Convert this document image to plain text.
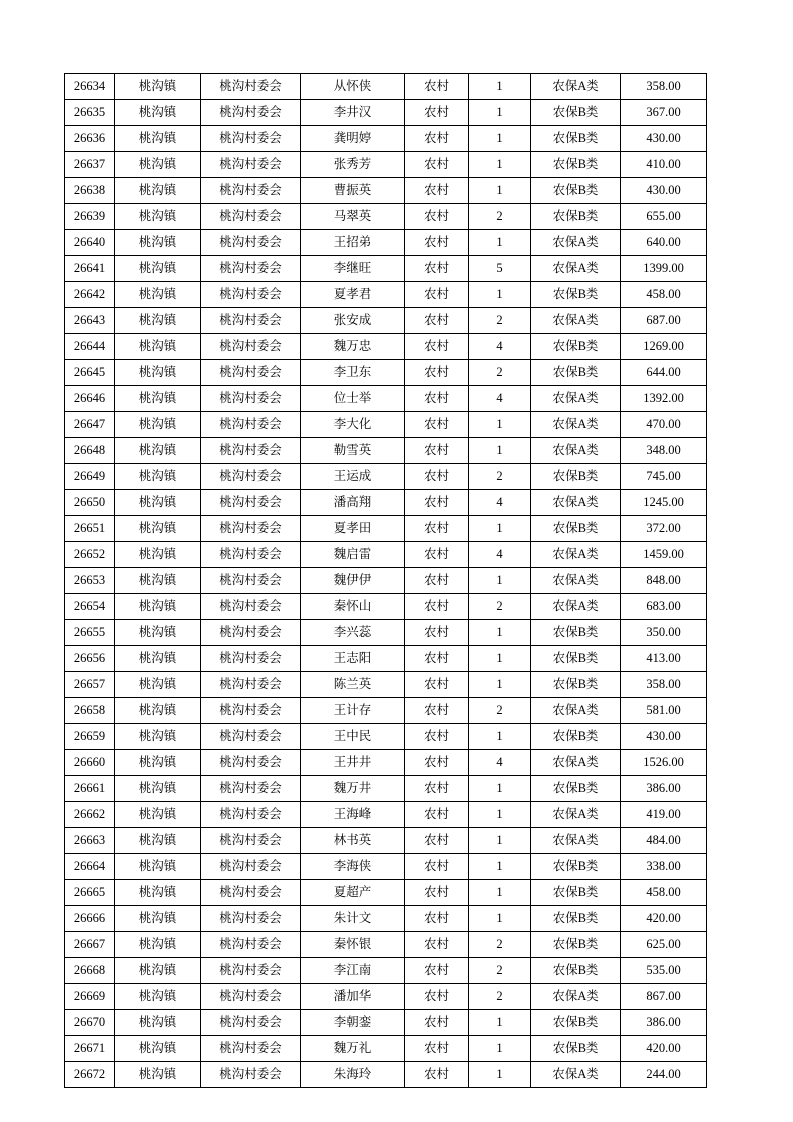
26634	桃沟镇	桃沟村委会	从怀侠	农村	1	农保A类	358.00
26635	桃沟镇	桃沟村委会	李井汉	农村	1	农保B类	367.00
26636	桃沟镇	桃沟村委会	龚明婷	农村	1	农保B类	430.00
26637	桃沟镇	桃沟村委会	张秀芳	农村	1	农保B类	410.00
26638	桃沟镇	桃沟村委会	曹振英	农村	1	农保B类	430.00
26639	桃沟镇	桃沟村委会	马翠英	农村	2	农保B类	655.00
26640	桃沟镇	桃沟村委会	王招弟	农村	1	农保A类	640.00
26641	桃沟镇	桃沟村委会	李继旺	农村	5	农保A类	1399.00
26642	桃沟镇	桃沟村委会	夏孝君	农村	1	农保B类	458.00
26643	桃沟镇	桃沟村委会	张安成	农村	2	农保A类	687.00
26644	桃沟镇	桃沟村委会	魏万忠	农村	4	农保B类	1269.00
26645	桃沟镇	桃沟村委会	李卫东	农村	2	农保B类	644.00
26646	桃沟镇	桃沟村委会	位士举	农村	4	农保A类	1392.00
26647	桃沟镇	桃沟村委会	李大化	农村	1	农保A类	470.00
26648	桃沟镇	桃沟村委会	勒雪英	农村	1	农保A类	348.00
26649	桃沟镇	桃沟村委会	王运成	农村	2	农保B类	745.00
26650	桃沟镇	桃沟村委会	潘高翔	农村	4	农保A类	1245.00
26651	桃沟镇	桃沟村委会	夏孝田	农村	1	农保B类	372.00
26652	桃沟镇	桃沟村委会	魏启雷	农村	4	农保A类	1459.00
26653	桃沟镇	桃沟村委会	魏伊伊	农村	1	农保A类	848.00
26654	桃沟镇	桃沟村委会	秦怀山	农村	2	农保A类	683.00
26655	桃沟镇	桃沟村委会	李兴蕊	农村	1	农保B类	350.00
26656	桃沟镇	桃沟村委会	王志阳	农村	1	农保B类	413.00
26657	桃沟镇	桃沟村委会	陈兰英	农村	1	农保B类	358.00
26658	桃沟镇	桃沟村委会	王计存	农村	2	农保A类	581.00
26659	桃沟镇	桃沟村委会	王中民	农村	1	农保B类	430.00
26660	桃沟镇	桃沟村委会	王井井	农村	4	农保A类	1526.00
26661	桃沟镇	桃沟村委会	魏万井	农村	1	农保B类	386.00
26662	桃沟镇	桃沟村委会	王海峰	农村	1	农保A类	419.00
26663	桃沟镇	桃沟村委会	林书英	农村	1	农保A类	484.00
26664	桃沟镇	桃沟村委会	李海侠	农村	1	农保B类	338.00
26665	桃沟镇	桃沟村委会	夏超产	农村	1	农保B类	458.00
26666	桃沟镇	桃沟村委会	朱计文	农村	1	农保B类	420.00
26667	桃沟镇	桃沟村委会	秦怀银	农村	2	农保B类	625.00
26668	桃沟镇	桃沟村委会	李江南	农村	2	农保B类	535.00
26669	桃沟镇	桃沟村委会	潘加华	农村	2	农保A类	867.00
26670	桃沟镇	桃沟村委会	李朝銮	农村	1	农保B类	386.00
26671	桃沟镇	桃沟村委会	魏万礼	农村	1	农保B类	420.00
26672	桃沟镇	桃沟村委会	朱海玲	农村	1	农保A类	244.00
